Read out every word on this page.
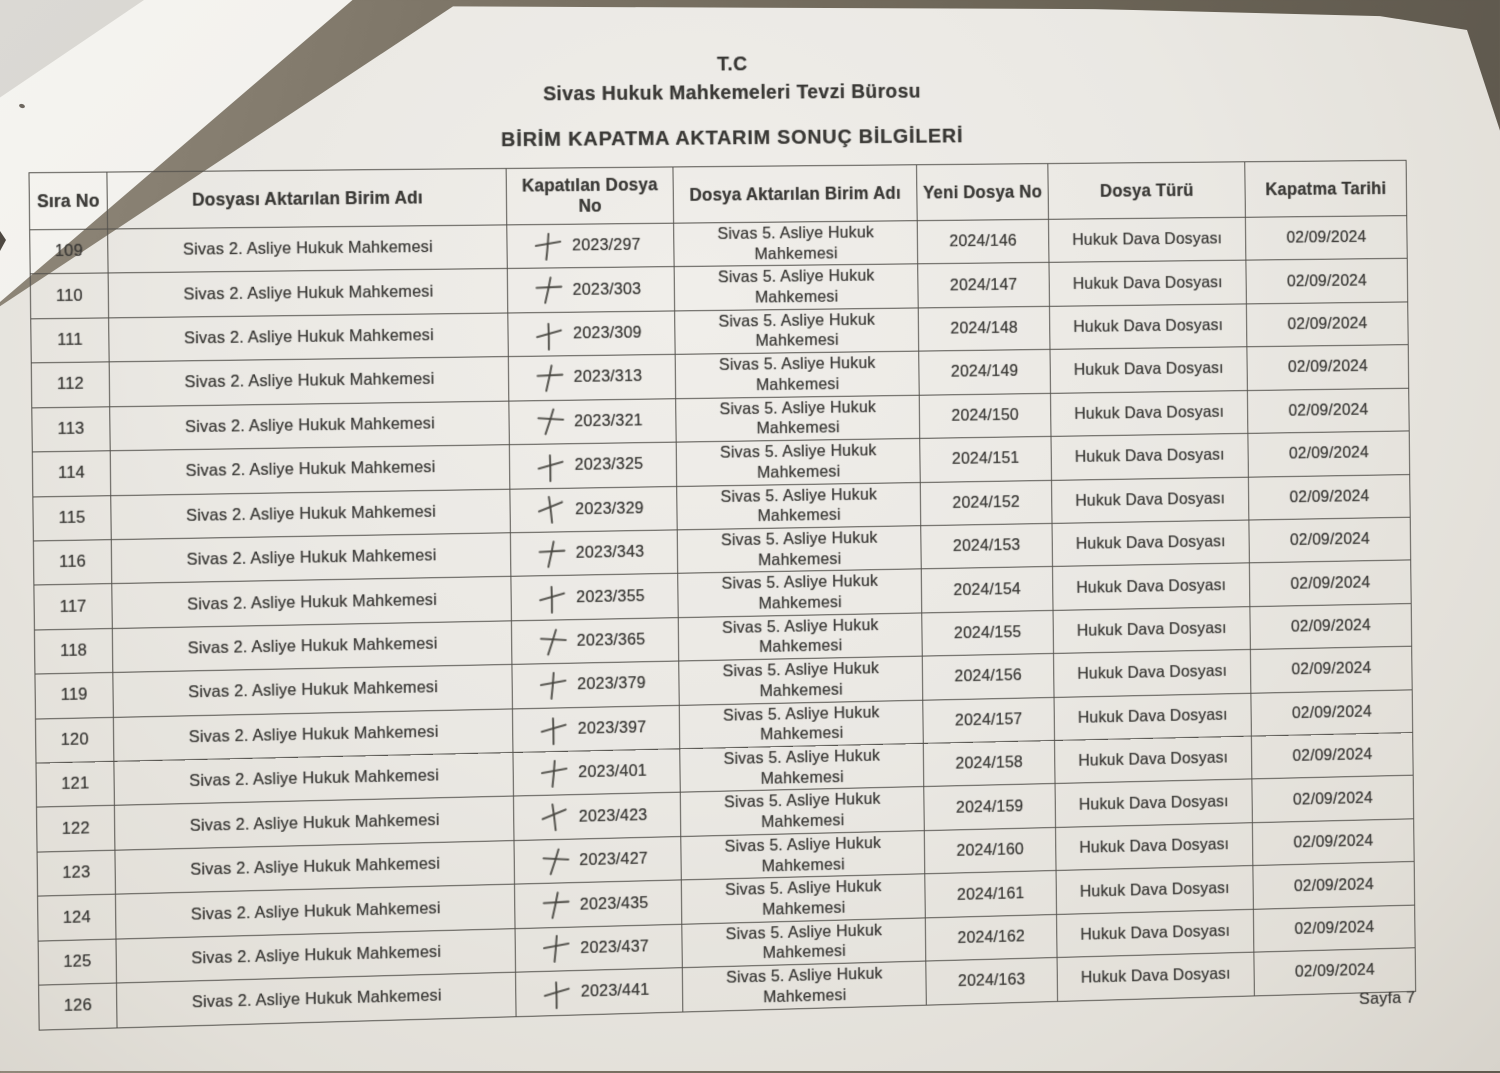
T.C
Sivas Hukuk Mahkemeleri Tevzi Bürosu
BİRİM KAPATMA AKTARIM SONUÇ BİLGİLERİ
Sıra No	Dosyası Aktarılan Birim Adı	Kapatılan Dosya No	Dosya Aktarılan Birim Adı	Yeni Dosya No	Dosya Türü	Kapatma Tarihi
109	Sivas 2. Asliye Hukuk Mahkemesi	2023/297	Sivas 5. Asliye Hukuk Mahkemesi	2024/146	Hukuk Dava Dosyası	02/09/2024
110	Sivas 2. Asliye Hukuk Mahkemesi	2023/303	Sivas 5. Asliye Hukuk Mahkemesi	2024/147	Hukuk Dava Dosyası	02/09/2024
111	Sivas 2. Asliye Hukuk Mahkemesi	2023/309	Sivas 5. Asliye Hukuk Mahkemesi	2024/148	Hukuk Dava Dosyası	02/09/2024
112	Sivas 2. Asliye Hukuk Mahkemesi	2023/313	Sivas 5. Asliye Hukuk Mahkemesi	2024/149	Hukuk Dava Dosyası	02/09/2024
113	Sivas 2. Asliye Hukuk Mahkemesi	2023/321	Sivas 5. Asliye Hukuk Mahkemesi	2024/150	Hukuk Dava Dosyası	02/09/2024
114	Sivas 2. Asliye Hukuk Mahkemesi	2023/325	Sivas 5. Asliye Hukuk Mahkemesi	2024/151	Hukuk Dava Dosyası	02/09/2024
115	Sivas 2. Asliye Hukuk Mahkemesi	2023/329	Sivas 5. Asliye Hukuk Mahkemesi	2024/152	Hukuk Dava Dosyası	02/09/2024
116	Sivas 2. Asliye Hukuk Mahkemesi	2023/343	Sivas 5. Asliye Hukuk Mahkemesi	2024/153	Hukuk Dava Dosyası	02/09/2024
117	Sivas 2. Asliye Hukuk Mahkemesi	2023/355	Sivas 5. Asliye Hukuk Mahkemesi	2024/154	Hukuk Dava Dosyası	02/09/2024
118	Sivas 2. Asliye Hukuk Mahkemesi	2023/365	Sivas 5. Asliye Hukuk Mahkemesi	2024/155	Hukuk Dava Dosyası	02/09/2024
119	Sivas 2. Asliye Hukuk Mahkemesi	2023/379	Sivas 5. Asliye Hukuk Mahkemesi	2024/156	Hukuk Dava Dosyası	02/09/2024
120	Sivas 2. Asliye Hukuk Mahkemesi	2023/397	Sivas 5. Asliye Hukuk Mahkemesi	2024/157	Hukuk Dava Dosyası	02/09/2024
121	Sivas 2. Asliye Hukuk Mahkemesi	2023/401	Sivas 5. Asliye Hukuk Mahkemesi	2024/158	Hukuk Dava Dosyası	02/09/2024
122	Sivas 2. Asliye Hukuk Mahkemesi	2023/423	Sivas 5. Asliye Hukuk Mahkemesi	2024/159	Hukuk Dava Dosyası	02/09/2024
123	Sivas 2. Asliye Hukuk Mahkemesi	2023/427	Sivas 5. Asliye Hukuk Mahkemesi	2024/160	Hukuk Dava Dosyası	02/09/2024
124	Sivas 2. Asliye Hukuk Mahkemesi	2023/435	Sivas 5. Asliye Hukuk Mahkemesi	2024/161	Hukuk Dava Dosyası	02/09/2024
125	Sivas 2. Asliye Hukuk Mahkemesi	2023/437	Sivas 5. Asliye Hukuk Mahkemesi	2024/162	Hukuk Dava Dosyası	02/09/2024
126	Sivas 2. Asliye Hukuk Mahkemesi	2023/441	Sivas 5. Asliye Hukuk Mahkemesi	2024/163	Hukuk Dava Dosyası	02/09/2024
Sayfa 7
